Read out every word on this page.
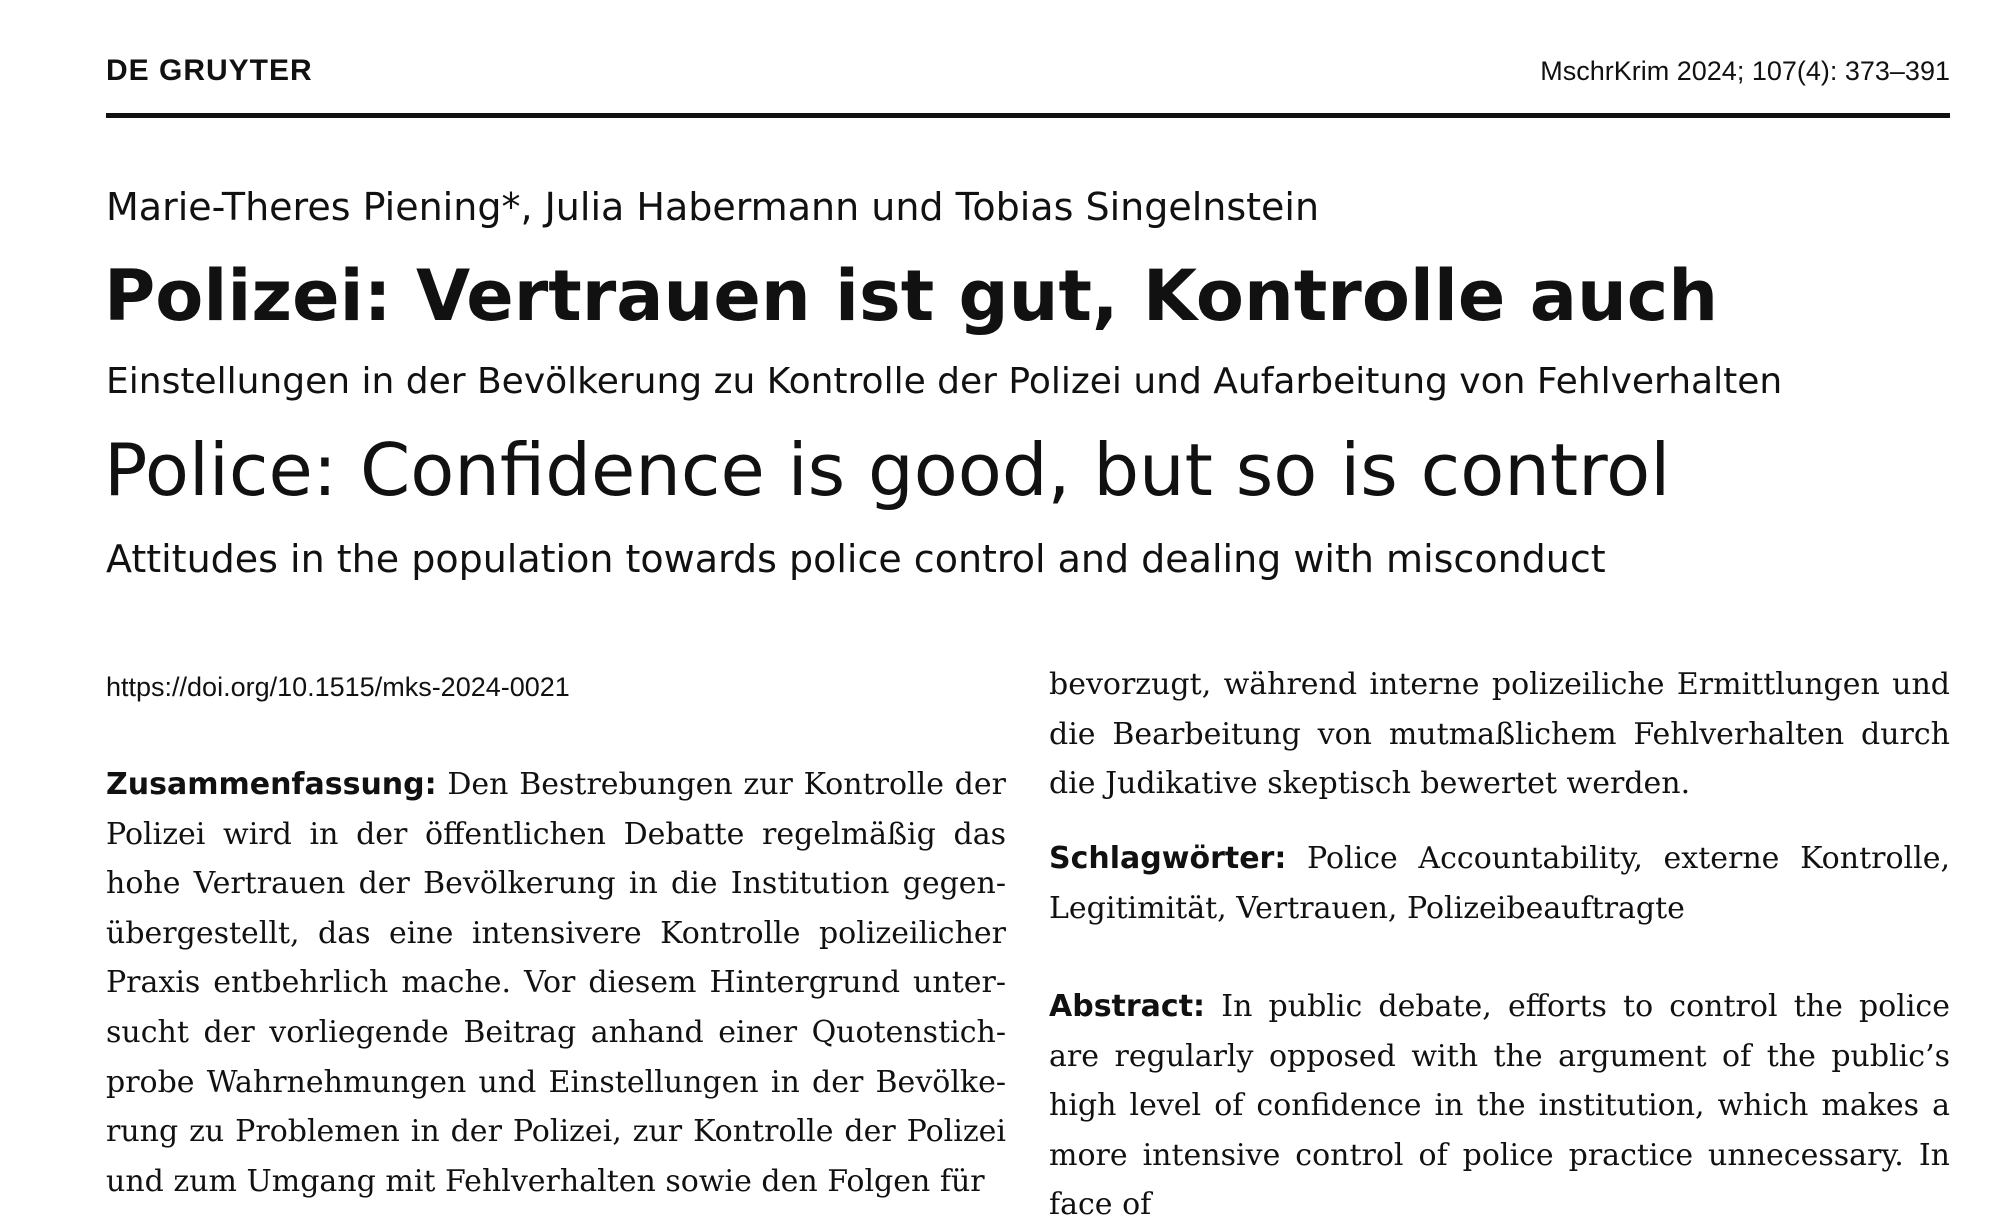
DE GRUYTER	MschrKrim 2024; 107(4): 373–391
Marie-Theres Piening*, Julia Habermann und Tobias Singelnstein
Polizei: Vertrauen ist gut, Kontrolle auch
Einstellungen in der Bevölkerung zu Kontrolle der Polizei und Aufarbeitung von Fehlverhalten
Police: Confidence is good, but so is control
Attitudes in the population towards police control and dealing with misconduct
https://doi.org/10.1515/mks-2024-0021
Zusammenfassung: Den Bestrebungen zur Kontrolle der Polizei wird in der öffentlichen Debatte regelmäßig das hohe Vertrauen der Bevölkerung in die Institution gegenübergestellt, das eine intensivere Kontrolle polizeilicher Praxis entbehrlich mache. Vor diesem Hintergrund untersucht der vorliegende Beitrag anhand einer Quotenstichprobe Wahrnehmungen und Einstellungen in der Bevölkerung zu Problemen in der Polizei, zur Kontrolle der Polizei und zum Umgang mit Fehlverhalten sowie den Folgen für
bevorzugt, während interne polizeiliche Ermittlungen und die Bearbeitung von mutmaßlichem Fehlverhalten durch die Judikative skeptisch bewertet werden.
Schlagwörter: Police Accountability, externe Kontrolle, Legitimität, Vertrauen, Polizeibeauftragte
Abstract: In public debate, efforts to control the police are regularly opposed with the argument of the public’s high level of confidence in the institution, which makes a more intensive control of police practice unnecessary. In face of
